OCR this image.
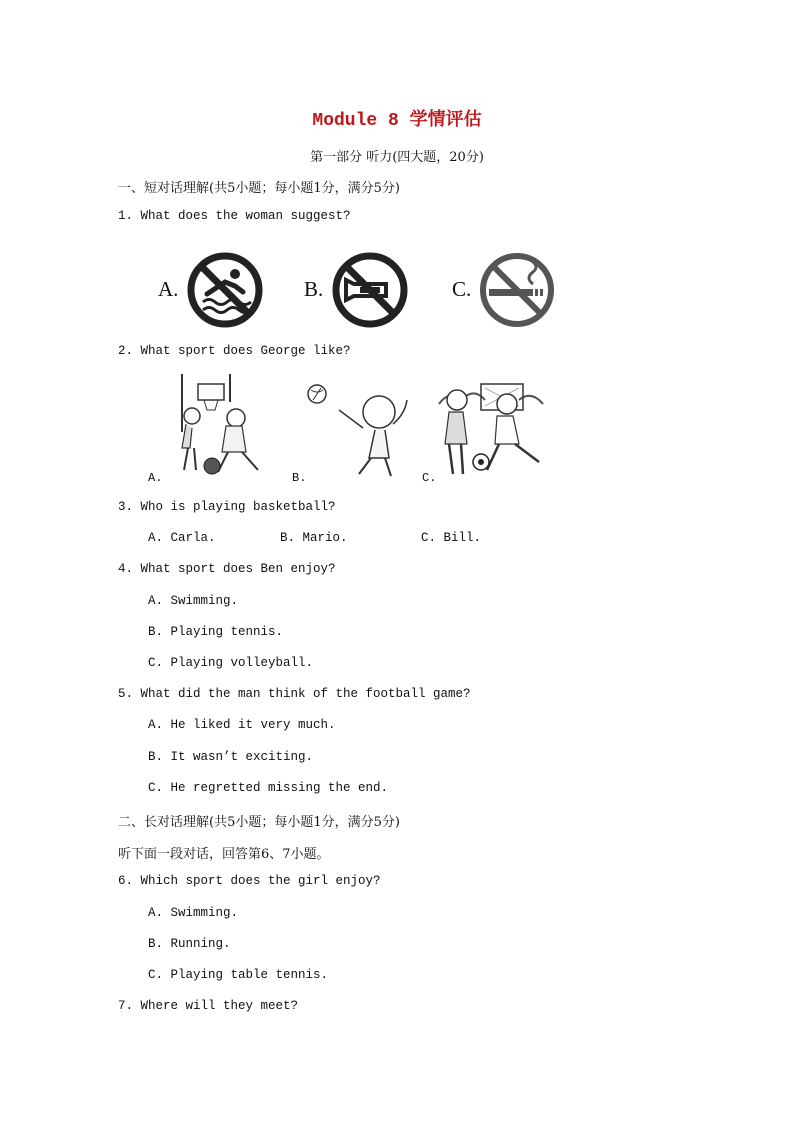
Module 8 学情评估
第一部分 听力(四大题，20分)
一、短对话理解(共5小题；每小题1分，满分5分)
1. What does the woman suggest?
A.	B.	C.
2. What sport does George like?
A.	B.	C.
3. Who is playing basketball?
A. Carla.	B. Mario.	C. Bill.
4. What sport does Ben enjoy?
A. Swimming.
B. Playing tennis.
C. Playing volleyball.
5. What did the man think of the football game?
A. He liked it very much.
B. It wasn’t exciting.
C. He regretted missing the end.
二、长对话理解(共5小题；每小题1分，满分5分)
听下面一段对话，回答第6、7小题。
6. Which sport does the girl enjoy?
A. Swimming.
B. Running.
C. Playing table tennis.
7. Where will they meet?
